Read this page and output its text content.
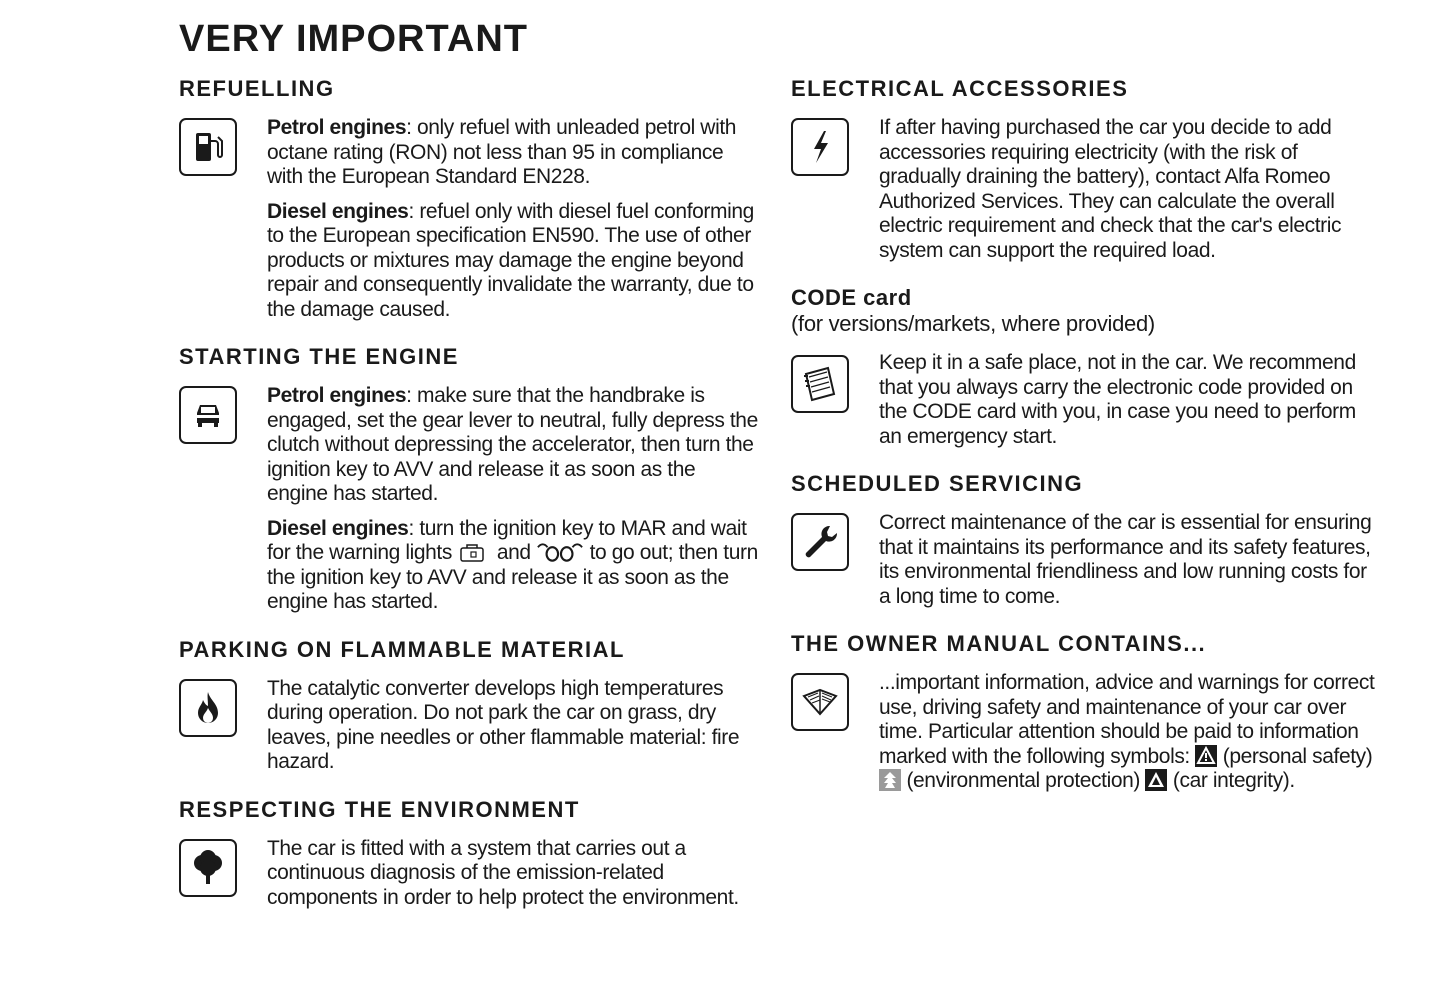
VERY IMPORTANT
REFUELLING

Petrol engines: only refuel with unleaded petrol with octane rating (RON) not less than 95 in compliance with the European Standard EN228.

Diesel engines: refuel only with diesel fuel conforming to the European specification EN590. The use of other products or mixtures may damage the engine beyond repair and consequently invalidate the warranty, due to the damage caused.

STARTING THE ENGINE

Petrol engines: make sure that the handbrake is engaged, set the gear lever to neutral, fully depress the clutch without depressing the accelerator, then turn the ignition key to AVV and release it as soon as the engine has started.

Diesel engines: turn the ignition key to MAR and wait for the warning lights and	to go out; then turn the ignition key to AVV and release it as soon as the engine has started.

PARKING ON FLAMMABLE MATERIAL

The catalytic converter develops high temperatures during operation. Do not park the car on grass, dry leaves, pine needles or other flammable material: fire hazard.

RESPECTING THE ENVIRONMENT

The car is fitted with a system that carries out a continuous diagnosis of the emission-related components in order to help protect the environment.

ELECTRICAL ACCESSORIES

If after having purchased the car you decide to add accessories requiring electricity (with the risk of gradually draining the battery), contact Alfa Romeo Authorized Services. They can calculate the overall electric requirement and check that the car's electric system can support the required load.

CODE card
(for versions/markets, where provided)

Keep it in a safe place, not in the car. We recommend that you always carry the electronic code provided on the CODE card with you, in case you need to perform an emergency start.

SCHEDULED SERVICING

Correct maintenance of the car is essential for ensuring that it maintains its performance and its safety features, its environmental friendliness and low running costs for a long time to come.

THE OWNER MANUAL CONTAINS...

...important information, advice and warnings for correct use, driving safety and maintenance of your car over time. Particular attention should be paid to information marked with the following symbols: (personal safety)
(environmental protection) (car integrity).
